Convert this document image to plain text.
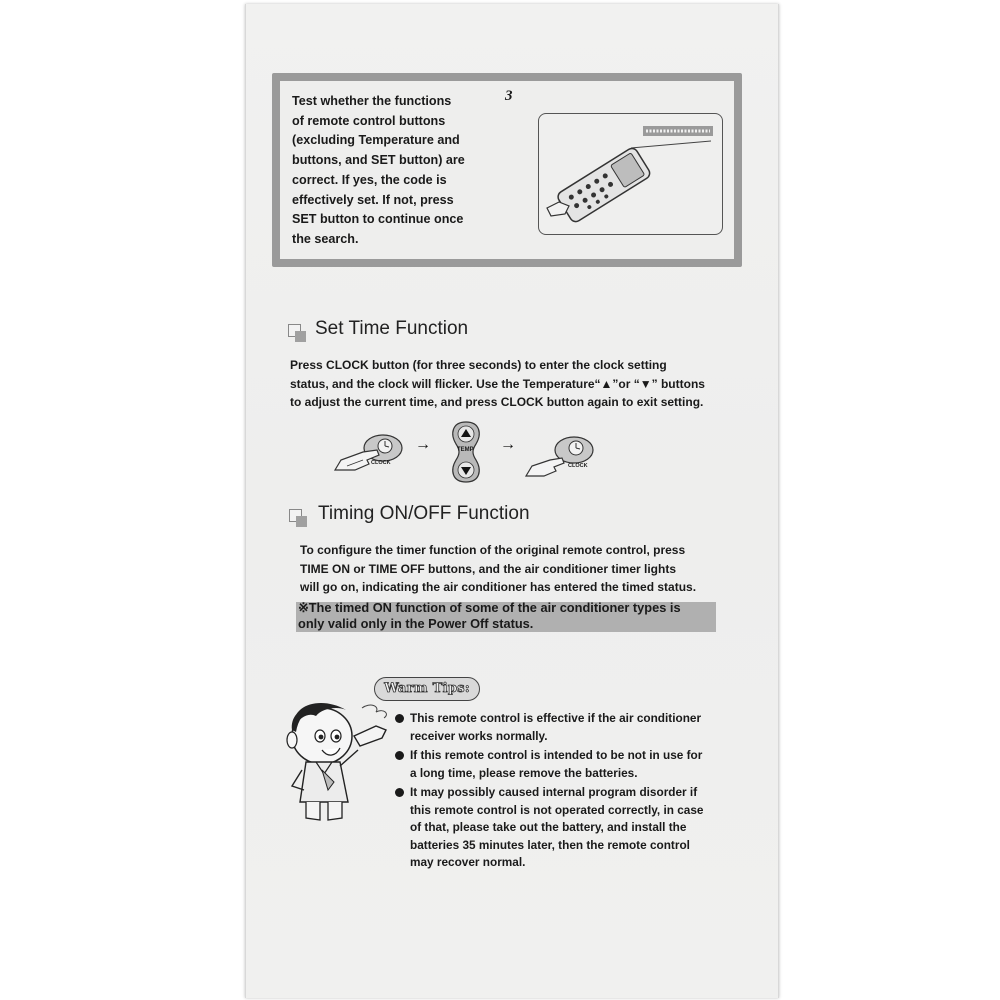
Test whether the functions
of remote control buttons
(excluding Temperature and
buttons, and SET button) are
correct. If yes, the code is
effectively set. If not, press
SET button to continue once
the search.

3
Set Time Function

Press CLOCK button (for three seconds) to enter the clock setting
status, and the clock will flicker. Use the Temperature“▲”or “▼” buttons
to adjust the current time, and press CLOCK button again to exit setting.

CLOCK
→	TEMP →
CLOCK
Timing ON/OFF Function

To configure the timer function of the original remote control, press
TIME ON or TIME OFF buttons, and the air conditioner timer lights
will go on, indicating the air conditioner has entered the timed status.

※The timed ON function of some of the air conditioner types is
only valid only in the Power Off status.

Warm Tips:
This remote control is effective if the air conditioner
receiver works normally.
If this remote control is intended to be not in use for
a long time, please remove the batteries.
It may possibly caused internal program disorder if
this remote control is not operated correctly, in case
of that, please take out the battery, and install the
batteries 35 minutes later, then the remote control
may recover normal.
